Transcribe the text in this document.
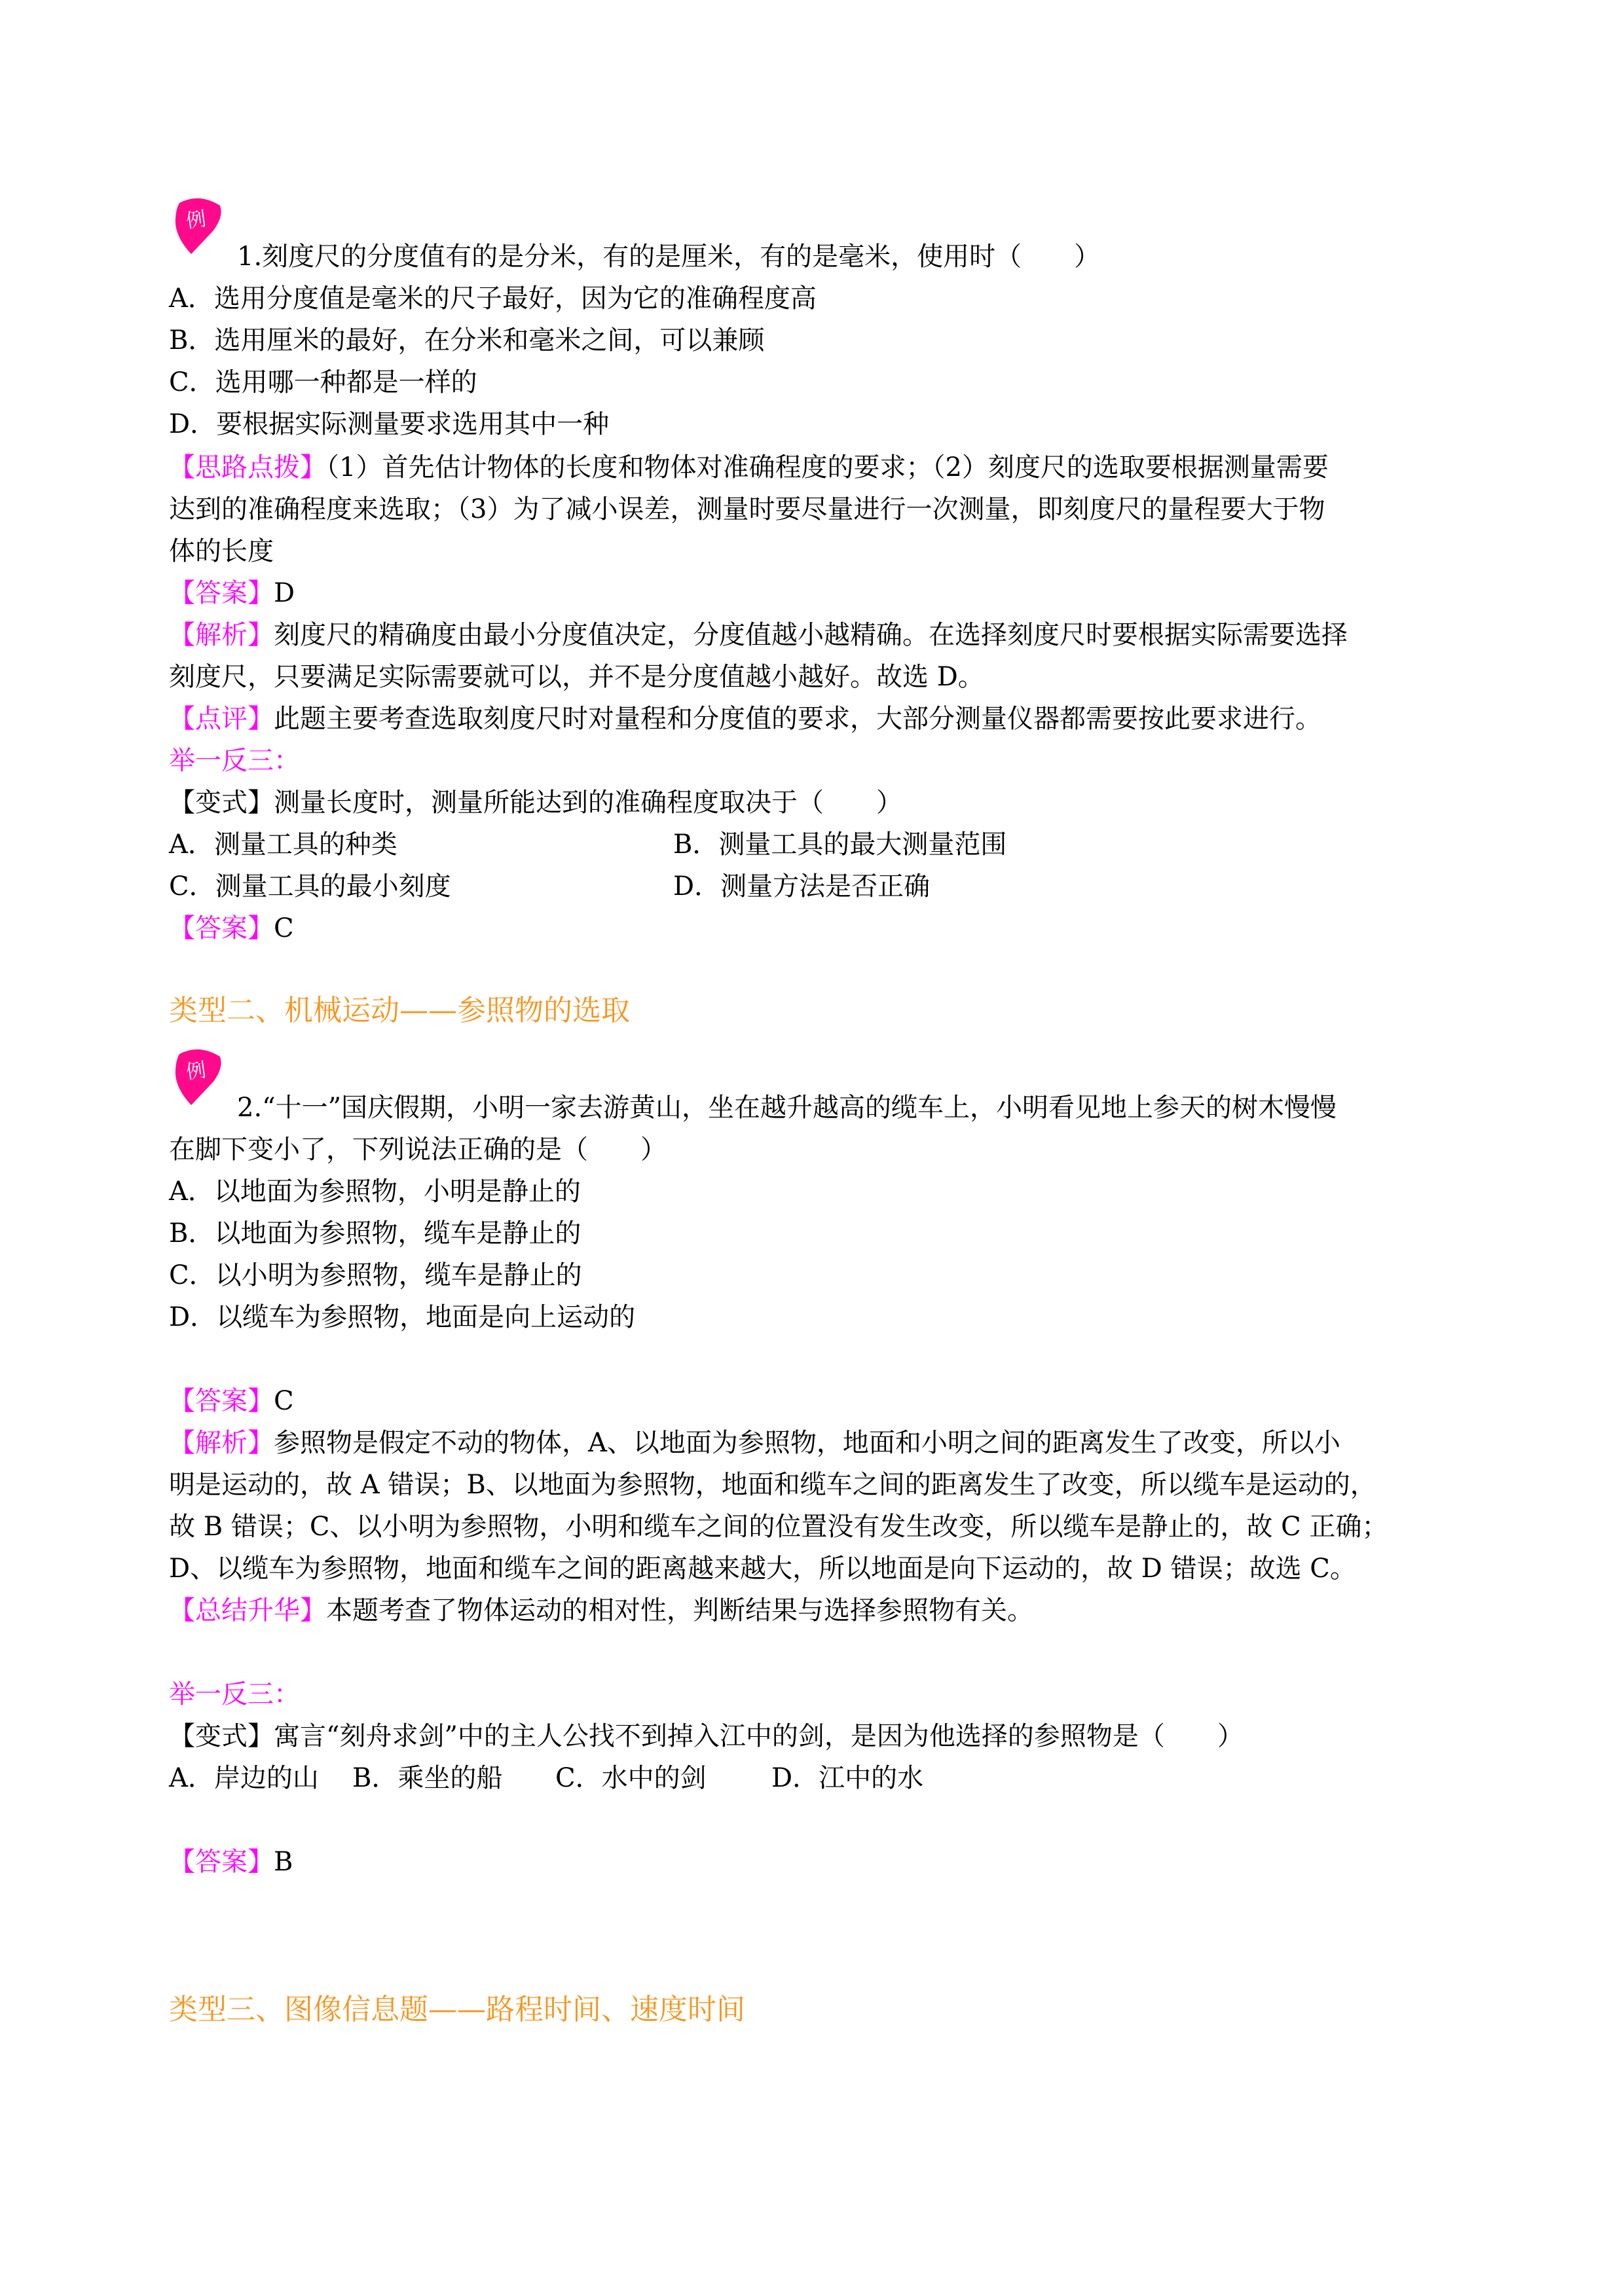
例
1.刻度尺的分度值有的是分米，有的是厘米，有的是毫米，使用时（　　）
A．选用分度值是毫米的尺子最好，因为它的准确程度高
B．选用厘米的最好，在分米和毫米之间，可以兼顾
C．选用哪一种都是一样的
D．要根据实际测量要求选用其中一种
【思路点拨】（1）首先估计物体的长度和物体对准确程度的要求；（2）刻度尺的选取要根据测量需要
达到的准确程度来选取；（3）为了减小误差，测量时要尽量进行一次测量，即刻度尺的量程要大于物
体的长度
【答案】D
【解析】刻度尺的精确度由最小分度值决定，分度值越小越精确。在选择刻度尺时要根据实际需要选择
刻度尺，只要满足实际需要就可以，并不是分度值越小越好。故选 D。
【点评】此题主要考查选取刻度尺时对量程和分度值的要求，大部分测量仪器都需要按此要求进行。
举一反三：
【变式】测量长度时，测量所能达到的准确程度取决于（　　）
A．测量工具的种类	B．测量工具的最大测量范围
C．测量工具的最小刻度	D．测量方法是否正确
【答案】C
类型二、机械运动——参照物的选取
例
2.“十一”国庆假期，小明一家去游黄山，坐在越升越高的缆车上，小明看见地上参天的树木慢慢
在脚下变小了，下列说法正确的是（　　）
A．以地面为参照物，小明是静止的
B．以地面为参照物，缆车是静止的
C．以小明为参照物，缆车是静止的
D．以缆车为参照物，地面是向上运动的
【答案】C
【解析】参照物是假定不动的物体，A、以地面为参照物，地面和小明之间的距离发生了改变，所以小
明是运动的，故 A 错误；B、以地面为参照物，地面和缆车之间的距离发生了改变，所以缆车是运动的，
故 B 错误；C、以小明为参照物，小明和缆车之间的位置没有发生改变，所以缆车是静止的，故 C 正确；
D、以缆车为参照物，地面和缆车之间的距离越来越大，所以地面是向下运动的，故 D 错误；故选 C。
【总结升华】本题考查了物体运动的相对性，判断结果与选择参照物有关。
举一反三：
【变式】寓言“刻舟求剑”中的主人公找不到掉入江中的剑，是因为他选择的参照物是（　　）
A．岸边的山 B．乘坐的船 C．水中的剑 D．江中的水
【答案】B
类型三、图像信息题——路程时间、速度时间
